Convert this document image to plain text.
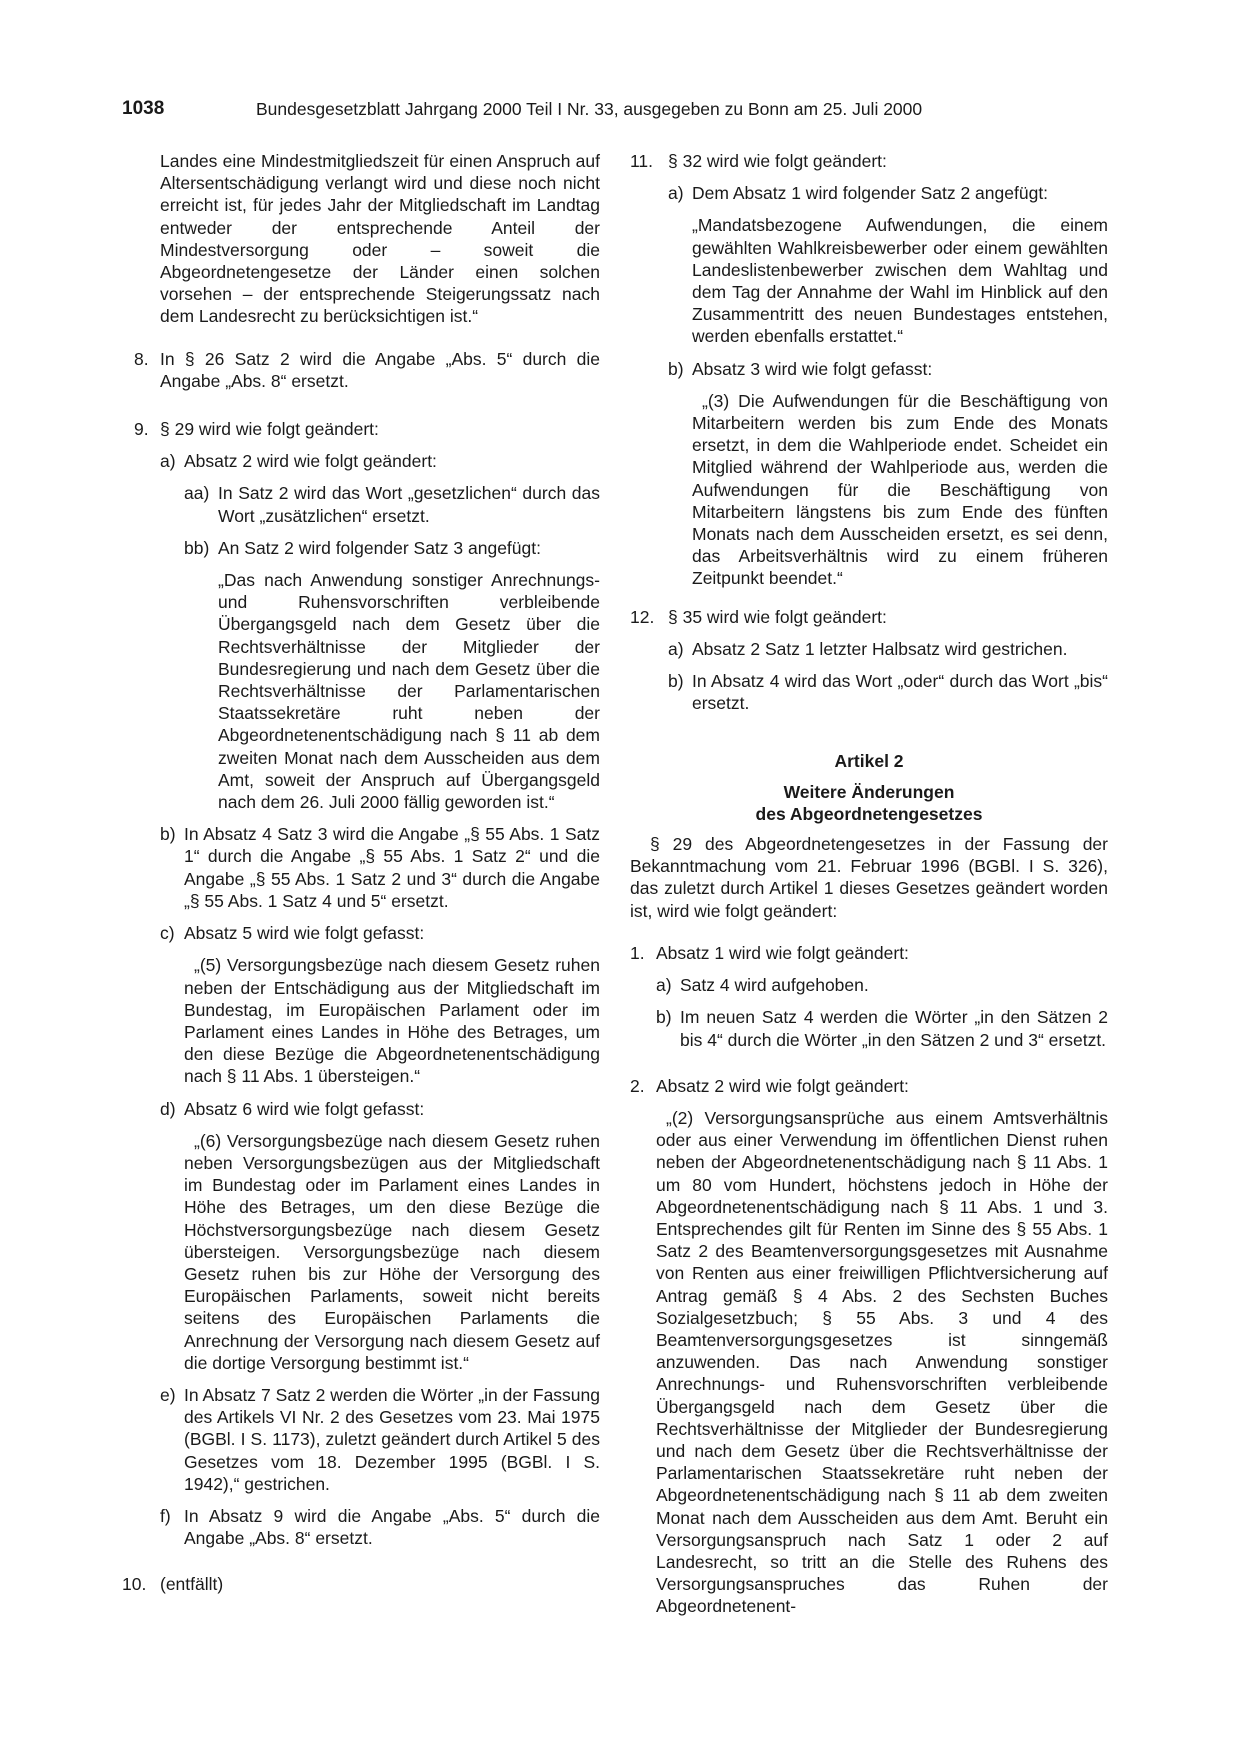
1038	Bundesgesetzblatt Jahrgang 2000 Teil I Nr. 33, ausgegeben zu Bonn am 25. Juli 2000

Landes eine Mindestmitgliedszeit für einen Anspruch auf Altersentschädigung verlangt wird und diese noch nicht erreicht ist, für jedes Jahr der Mitgliedschaft im Landtag entweder der entsprechende Anteil der Mindestversorgung oder – soweit die Abgeordnetengesetze der Länder einen solchen vorsehen – der entsprechende Steigerungssatz nach dem Landesrecht zu berücksichtigen ist.“

8. In § 26 Satz 2 wird die Angabe „Abs. 5“ durch die Angabe „Abs. 8“ ersetzt.

9. § 29 wird wie folgt geändert:

a) Absatz 2 wird wie folgt geändert:

aa) In Satz 2 wird das Wort „gesetzlichen“ durch das Wort „zusätzlichen“ ersetzt.

bb) An Satz 2 wird folgender Satz 3 angefügt:

„Das nach Anwendung sonstiger Anrechnungs- und Ruhensvorschriften verbleibende Übergangsgeld nach dem Gesetz über die Rechtsverhältnisse der Mitglieder der Bundesregierung und nach dem Gesetz über die Rechtsverhältnisse der Parlamentarischen Staatssekretäre ruht neben der Abgeordnetenentschädigung nach § 11 ab dem zweiten Monat nach dem Ausscheiden aus dem Amt, soweit der Anspruch auf Übergangsgeld nach dem 26. Juli 2000 fällig geworden ist.“

b) In Absatz 4 Satz 3 wird die Angabe „§ 55 Abs. 1 Satz 1“ durch die Angabe „§ 55 Abs. 1 Satz 2“ und die Angabe „§ 55 Abs. 1 Satz 2 und 3“ durch die Angabe „§ 55 Abs. 1 Satz 4 und 5“ ersetzt.

c) Absatz 5 wird wie folgt gefasst:

„(5) Versorgungsbezüge nach diesem Gesetz ruhen neben der Entschädigung aus der Mitgliedschaft im Bundestag, im Europäischen Parlament oder im Parlament eines Landes in Höhe des Betrages, um den diese Bezüge die Abgeordnetenentschädigung nach § 11 Abs. 1 übersteigen.“

d) Absatz 6 wird wie folgt gefasst:

„(6) Versorgungsbezüge nach diesem Gesetz ruhen neben Versorgungsbezügen aus der Mitgliedschaft im Bundestag oder im Parlament eines Landes in Höhe des Betrages, um den diese Bezüge die Höchstversorgungsbezüge nach diesem Gesetz übersteigen. Versorgungsbezüge nach diesem Gesetz ruhen bis zur Höhe der Versorgung des Europäischen Parlaments, soweit nicht bereits seitens des Europäischen Parlaments die Anrechnung der Versorgung nach diesem Gesetz auf die dortige Versorgung bestimmt ist.“

e) In Absatz 7 Satz 2 werden die Wörter „in der Fassung des Artikels VI Nr. 2 des Gesetzes vom 23. Mai 1975 (BGBl. I S. 1173), zuletzt geändert durch Artikel 5 des Gesetzes vom 18. Dezember 1995 (BGBl. I S. 1942),“ gestrichen.

f) In Absatz 9 wird die Angabe „Abs. 5“ durch die Angabe „Abs. 8“ ersetzt.

10. (entfällt)

11. § 32 wird wie folgt geändert:

a) Dem Absatz 1 wird folgender Satz 2 angefügt:

„Mandatsbezogene Aufwendungen, die einem gewählten Wahlkreisbewerber oder einem gewählten Landeslistenbewerber zwischen dem Wahltag und dem Tag der Annahme der Wahl im Hinblick auf den Zusammentritt des neuen Bundestages entstehen, werden ebenfalls erstattet.“

b) Absatz 3 wird wie folgt gefasst:

„(3) Die Aufwendungen für die Beschäftigung von Mitarbeitern werden bis zum Ende des Monats ersetzt, in dem die Wahlperiode endet. Scheidet ein Mitglied während der Wahlperiode aus, werden die Aufwendungen für die Beschäftigung von Mitarbeitern längstens bis zum Ende des fünften Monats nach dem Ausscheiden ersetzt, es sei denn, das Arbeitsverhältnis wird zu einem früheren Zeitpunkt beendet.“

12. § 35 wird wie folgt geändert:

a) Absatz 2 Satz 1 letzter Halbsatz wird gestrichen.

b) In Absatz 4 wird das Wort „oder“ durch das Wort „bis“ ersetzt.

Artikel 2

Weitere Änderungen

des Abgeordnetengesetzes

§ 29 des Abgeordnetengesetzes in der Fassung der Bekanntmachung vom 21. Februar 1996 (BGBl. I S. 326), das zuletzt durch Artikel 1 dieses Gesetzes geändert worden ist, wird wie folgt geändert:

1. Absatz 1 wird wie folgt geändert:

a) Satz 4 wird aufgehoben.

b) Im neuen Satz 4 werden die Wörter „in den Sätzen 2 bis 4“ durch die Wörter „in den Sätzen 2 und 3“ ersetzt.

2. Absatz 2 wird wie folgt geändert:

„(2) Versorgungsansprüche aus einem Amtsverhältnis oder aus einer Verwendung im öffentlichen Dienst ruhen neben der Abgeordnetenentschädigung nach § 11 Abs. 1 um 80 vom Hundert, höchstens jedoch in Höhe der Abgeordnetenentschädigung nach § 11 Abs. 1 und 3. Entsprechendes gilt für Renten im Sinne des § 55 Abs. 1 Satz 2 des Beamtenversorgungsgesetzes mit Ausnahme von Renten aus einer freiwilligen Pflichtversicherung auf Antrag gemäß § 4 Abs. 2 des Sechsten Buches Sozialgesetzbuch; § 55 Abs. 3 und 4 des Beamtenversorgungsgesetzes ist sinngemäß anzuwenden. Das nach Anwendung sonstiger Anrechnungs- und Ruhensvorschriften verbleibende Übergangsgeld nach dem Gesetz über die Rechtsverhältnisse der Mitglieder der Bundesregierung und nach dem Gesetz über die Rechtsverhältnisse der Parlamentarischen Staatssekretäre ruht neben der Abgeordnetenentschädigung nach § 11 ab dem zweiten Monat nach dem Ausscheiden aus dem Amt. Beruht ein Versorgungsanspruch nach Satz 1 oder 2 auf Landesrecht, so tritt an die Stelle des Ruhens des Versorgungsanspruches das Ruhen der Abgeordnetenent-
